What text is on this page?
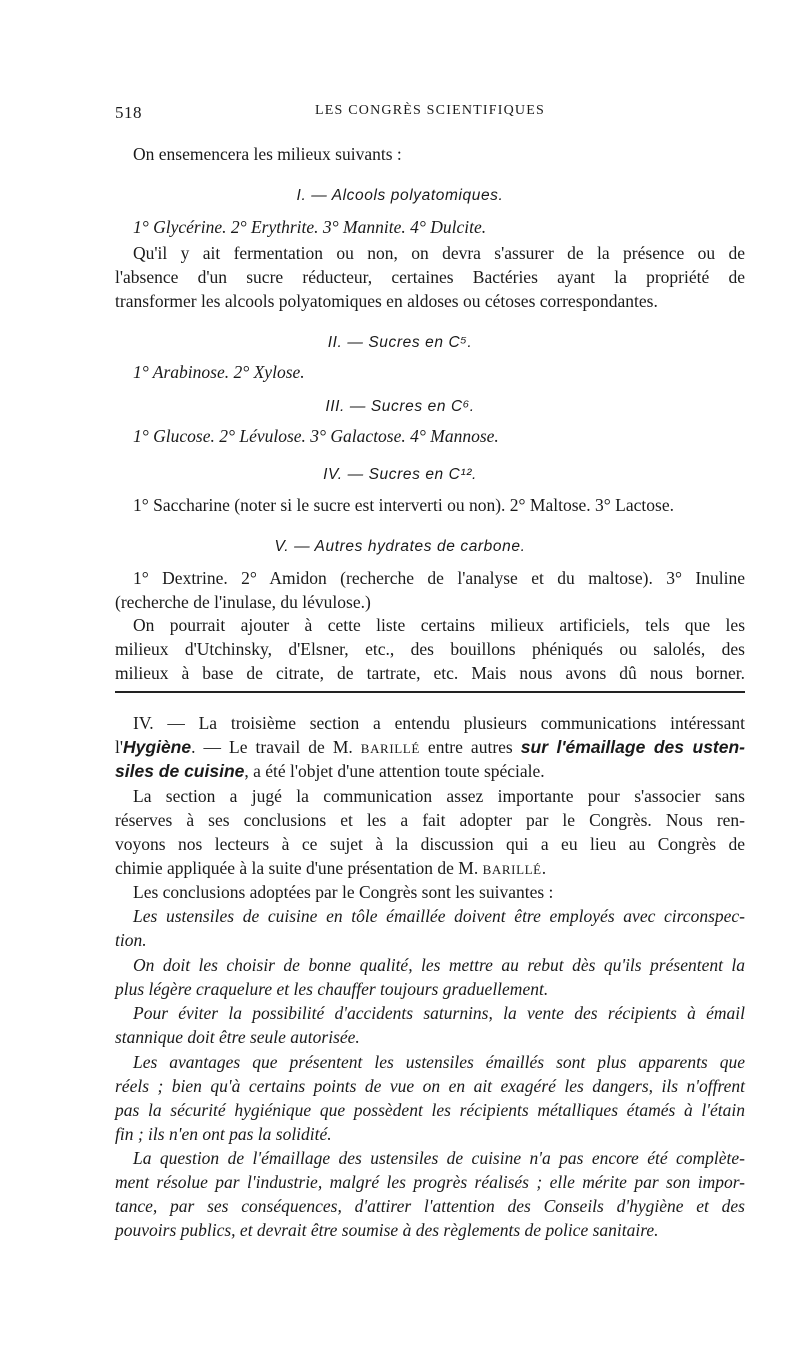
518	LES CONGRÈS SCIENTIFIQUES
On ensemencera les milieux suivants :
I. — Alcools polyatomiques.
1° Glycérine. 2° Erythrite. 3° Mannite. 4° Dulcite.
Qu'il y ait fermentation ou non, on devra s'assurer de la présence ou de
l'absence d'un sucre réducteur, certaines Bactéries ayant la propriété de
transformer les alcools polyatomiques en aldoses ou cétoses correspondantes.
II. — Sucres en C⁵.
1° Arabinose. 2° Xylose.
III. — Sucres en C⁶.
1° Glucose. 2° Lévulose. 3° Galactose. 4° Mannose.
IV. — Sucres en C¹².
1° Saccharine (noter si le sucre est interverti ou non). 2° Maltose. 3° Lactose.
V. — Autres hydrates de carbone.
1° Dextrine. 2° Amidon (recherche de l'analyse et du maltose). 3° Inuline
(recherche de l'inulase, du lévulose.)
On pourrait ajouter à cette liste certains milieux artificiels, tels que les
milieux d'Utchinsky, d'Elsner, etc., des bouillons phéniqués ou salolés, des
milieux à base de citrate, de tartrate, etc. Mais nous avons dû nous borner.
IV. — La troisième section a entendu plusieurs communications intéressant
l'Hygiène. — Le travail de M. BARILLÉ entre autres sur l'émaillage des usten-
siles de cuisine, a été l'objet d'une attention toute spéciale.
La section a jugé la communication assez importante pour s'associer sans
réserves à ses conclusions et les a fait adopter par le Congrès. Nous ren-
voyons nos lecteurs à ce sujet à la discussion qui a eu lieu au Congrès de
chimie appliquée à la suite d'une présentation de M. BARILLÉ.
Les conclusions adoptées par le Congrès sont les suivantes :
Les ustensiles de cuisine en tôle émaillée doivent être employés avec circonspec-
tion.
On doit les choisir de bonne qualité, les mettre au rebut dès qu'ils présentent la
plus légère craquelure et les chauffer toujours graduellement.
Pour éviter la possibilité d'accidents saturnins, la vente des récipients à émail
stannique doit être seule autorisée.
Les avantages que présentent les ustensiles émaillés sont plus apparents que
réels ; bien qu'à certains points de vue on en ait exagéré les dangers, ils n'offrent
pas la sécurité hygiénique que possèdent les récipients métalliques étamés à l'étain
fin ; ils n'en ont pas la solidité.
La question de l'émaillage des ustensiles de cuisine n'a pas encore été complète-
ment résolue par l'industrie, malgré les progrès réalisés ; elle mérite par son impor-
tance, par ses conséquences, d'attirer l'attention des Conseils d'hygiène et des
pouvoirs publics, et devrait être soumise à des règlements de police sanitaire.
